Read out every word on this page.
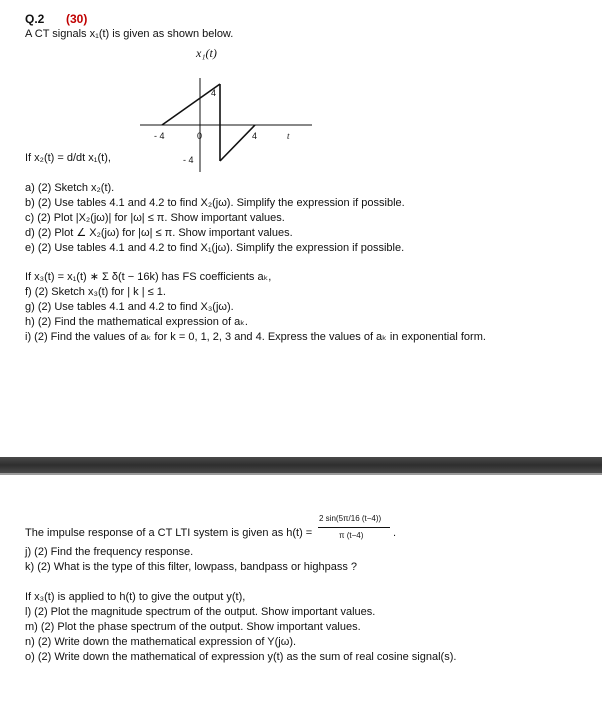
Q.2 (30)
A CT signals x₁(t) is given as shown below.
x₁(t)
- 4	0	4	t
4
- 4
If x₂(t) = d/dt x₁(t),
a) (2) Sketch x₂(t).
b) (2) Use tables 4.1 and 4.2 to find X₂(jω). Simplify the expression if possible.
c) (2) Plot |X₂(jω)| for |ω| ≤ π. Show important values.
d) (2) Plot ∠ X₂(jω) for |ω| ≤ π. Show important values.
e) (2) Use tables 4.1 and 4.2 to find X₁(jω). Simplify the expression if possible.
If x₃(t) = x₁(t) ∗ Σ δ(t − 16k) has FS coefficients aₖ,
f) (2) Sketch x₃(t) for | k | ≤ 1.
g) (2) Use tables 4.1 and 4.2 to find X₃(jω).
h) (2) Find the mathematical expression of aₖ.
i) (2) Find the values of aₖ for k = 0, 1, 2, 3 and 4. Express the values of aₖ in exponential form.
The impulse response of a CT LTI system is given as h(t) =
2 sin(5π/16 (t−4))
π (t−4)	.
j) (2) Find the frequency response.
k) (2) What is the type of this filter, lowpass, bandpass or highpass ?
If x₃(t) is applied to h(t) to give the output y(t),
l) (2) Plot the magnitude spectrum of the output. Show important values.
m) (2) Plot the phase spectrum of the output. Show important values.
n) (2) Write down the mathematical expression of Y(jω).
o) (2) Write down the mathematical of expression y(t) as the sum of real cosine signal(s).
